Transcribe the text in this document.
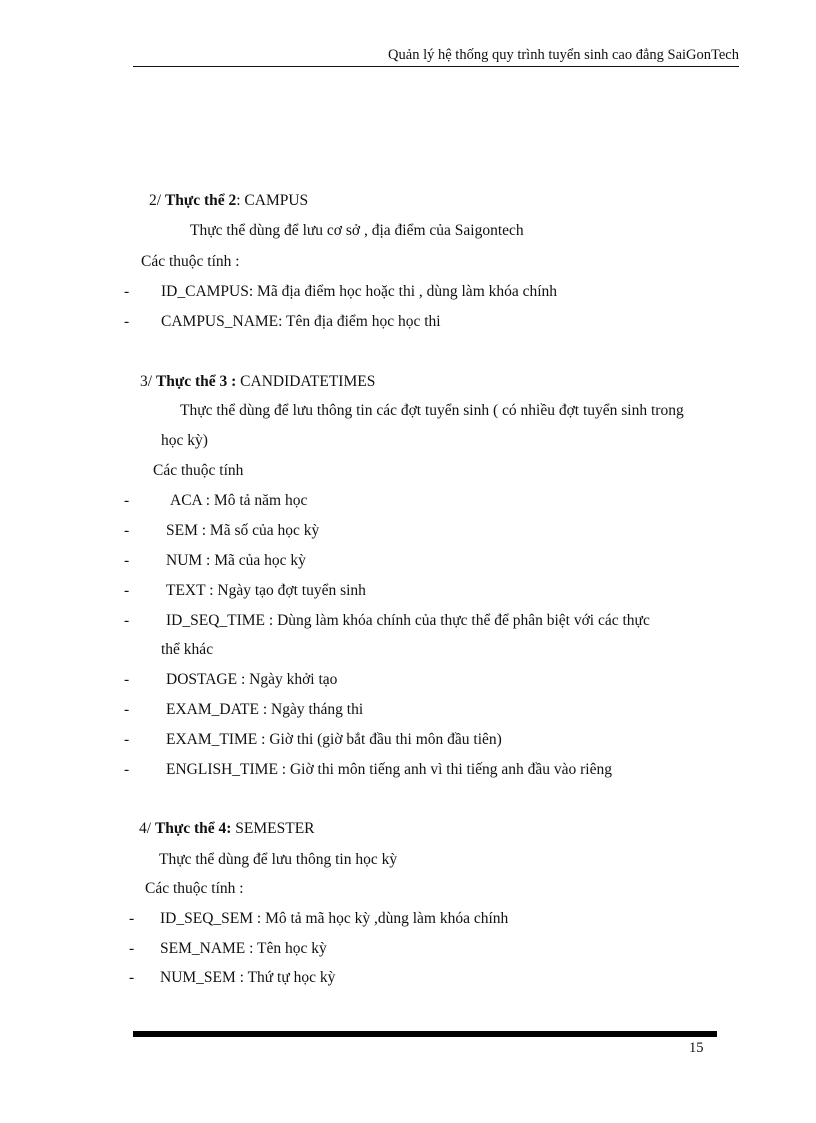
Quản lý hệ thống quy trình tuyển sinh cao đẳng SaiGonTech
2/ Thực thể 2: CAMPUS
Thực thể dùng để lưu cơ sở , địa điểm của Saigontech
Các thuộc tính :
- ID_CAMPUS: Mã địa điểm học hoặc thi , dùng làm khóa chính
- CAMPUS_NAME: Tên địa điểm học học thi
3/ Thực thể 3 : CANDIDATETIMES
Thực thể dùng để lưu thông tin các đợt tuyển sinh ( có nhiều đợt tuyển sinh trong
học kỳ)
Các thuộc tính
-	ACA : Mô tả năm học
- SEM : Mã số của học kỳ
- NUM : Mã của học kỳ
- TEXT : Ngày tạo đợt tuyển sinh
- ID_SEQ_TIME : Dùng làm khóa chính của thực thể để phân biệt với các thực
thể khác
- DOSTAGE : Ngày khởi tạo
- EXAM_DATE : Ngày tháng thi
- EXAM_TIME : Giờ thi (giờ bắt đầu thi môn đầu tiên)
- ENGLISH_TIME : Giờ thi môn tiếng anh vì thi tiếng anh đầu vào riêng
4/ Thực thể 4: SEMESTER
Thực thể dùng để lưu thông tin học kỳ
Các thuộc tính :
- ID_SEQ_SEM : Mô tả mã học kỳ ,dùng làm khóa chính
- SEM_NAME : Tên học kỳ
- NUM_SEM : Thứ tự học kỳ
15
